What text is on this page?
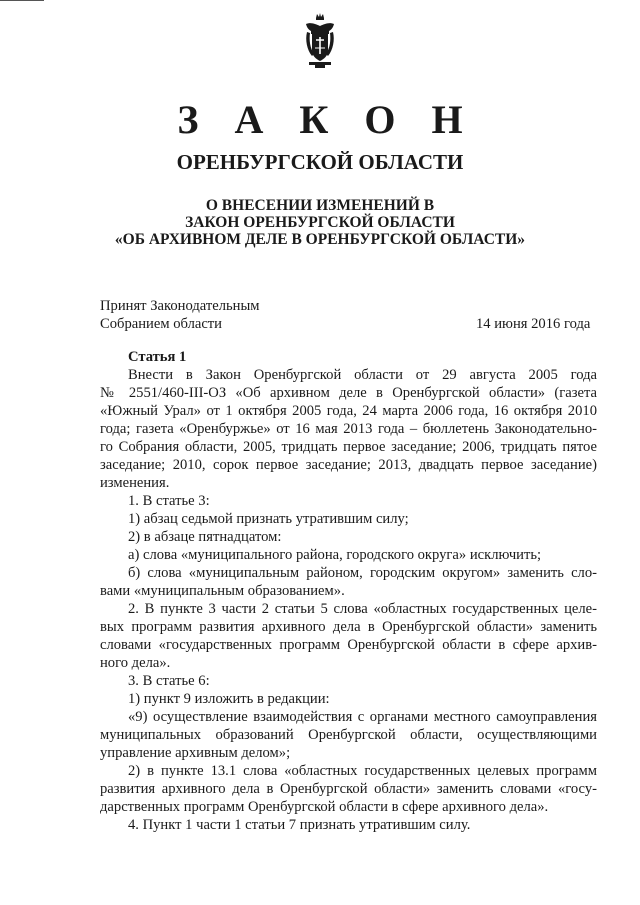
З А К О Н
ОРЕНБУРГСКОЙ ОБЛАСТИ
О ВНЕСЕНИИ ИЗМЕНЕНИЙ В
ЗАКОН ОРЕНБУРГСКОЙ ОБЛАСТИ
«ОБ АРХИВНОМ ДЕЛЕ В ОРЕНБУРГСКОЙ ОБЛАСТИ»
Принят Законодательным
Собранием области	14 июня 2016 года
Статья 1
Внести в Закон Оренбургской области от 29 августа 2005 года
№ 2551/460-III-ОЗ «Об архивном деле в Оренбургской области» (газета
«Южный Урал» от 1 октября 2005 года, 24 марта 2006 года, 16 октября 2010
года; газета «Оренбуржье» от 16 мая 2013 года – бюллетень Законодательно-
го Собрания области, 2005, тридцать первое заседание; 2006, тридцать пятое
заседание; 2010, сорок первое заседание; 2013, двадцать первое заседание)
изменения.
1. В статье 3:
1) абзац седьмой признать утратившим силу;
2) в абзаце пятнадцатом:
а) слова «муниципального района, городского округа» исключить;
б) слова «муниципальным районом, городским округом» заменить сло-
вами «муниципальным образованием».
2. В пункте 3 части 2 статьи 5 слова «областных государственных целе-
вых программ развития архивного дела в Оренбургской области» заменить
словами «государственных программ Оренбургской области в сфере архив-
ного дела».
3. В статье 6:
1) пункт 9 изложить в редакции:
«9) осуществление взаимодействия с органами местного самоуправления
муниципальных образований Оренбургской области, осуществляющими
управление архивным делом»;
2) в пункте 13.1 слова «областных государственных целевых программ
развития архивного дела в Оренбургской области» заменить словами «госу-
дарственных программ Оренбургской области в сфере архивного дела».
4. Пункт 1 части 1 статьи 7 признать утратившим силу.
